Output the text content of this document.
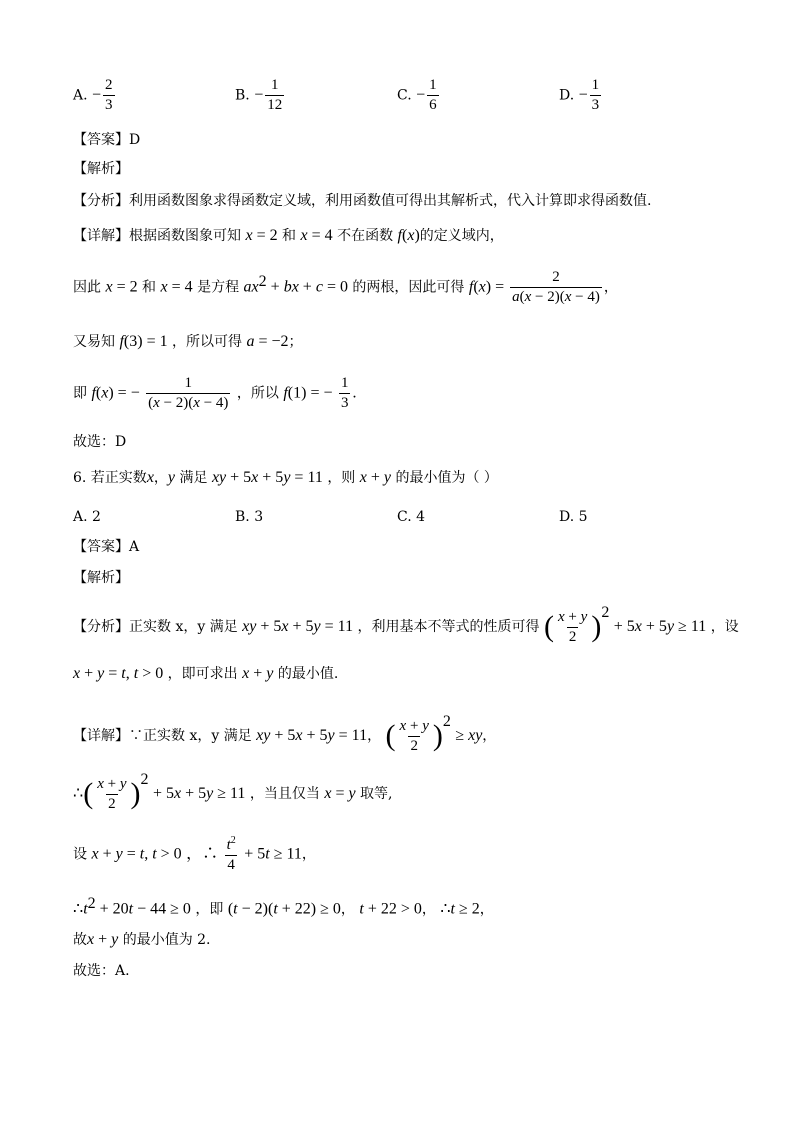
A. − $\frac{2}{3}$	B. − $\frac{1}{12}$	C. − $\frac{1}{6}$	D. − $\frac{1}{3}$
【答案】D
【解析】
【分析】利用函数图象求得函数定义域，利用函数值可得出其解析式，代入计算即求得函数值.
【详解】根据函数图象可知 x = 2 和 x = 4 不在函数 f(x)的定义域内，
因此 x = 2 和 x = 4 是方程 $ax^2$ + bx + c = 0 的两根，因此可得 $f(x) = \frac{2}{a(x - 2)(x - 4)}$ ，
又易知 f(3) = 1 ，所以可得 a = −2；
即 f(x) = − $\frac{1}{(x - 2)(x - 4)}$ ，所以 f(1) = − $\frac{1}{3}$ .
故选：D
6. 若正实数x，y 满足 xy + 5x + 5y = 11 ，则 x + y 的最小值为（ ）
A. 2	B. 3	C. 4	D. 5
【答案】A
【解析】
【分析】正实数 x，y 满足 xy + 5x + 5y = 11 ，利用基本不等式的性质可得 ( $\frac{x + y}{2} )^2 + 5x + 5y \ge 11$ ，设
x + y = t, t > 0 ，即可求出 x + y 的最小值.
【详解】∵正实数 x，y 满足 xy + 5x + 5y = 11， ( $\frac{x + y}{2} )^2$ ≥ xy，
∴( $\frac{x + y}{2} )^2 + 5x + 5y \ge 11$ ，当且仅当 x = y 取等,
设 x + y = t, t > 0 ，∴ $\frac{t^2}{4} + 5t \ge 11$，
$\therefore t^2 + 20t - 44 \ge 0$ ，即 (t − 2)(t + 22) ≥ 0， t + 22 > 0， ∴t ≥ 2，
故x + y 的最小值为 2.
故选：A.
